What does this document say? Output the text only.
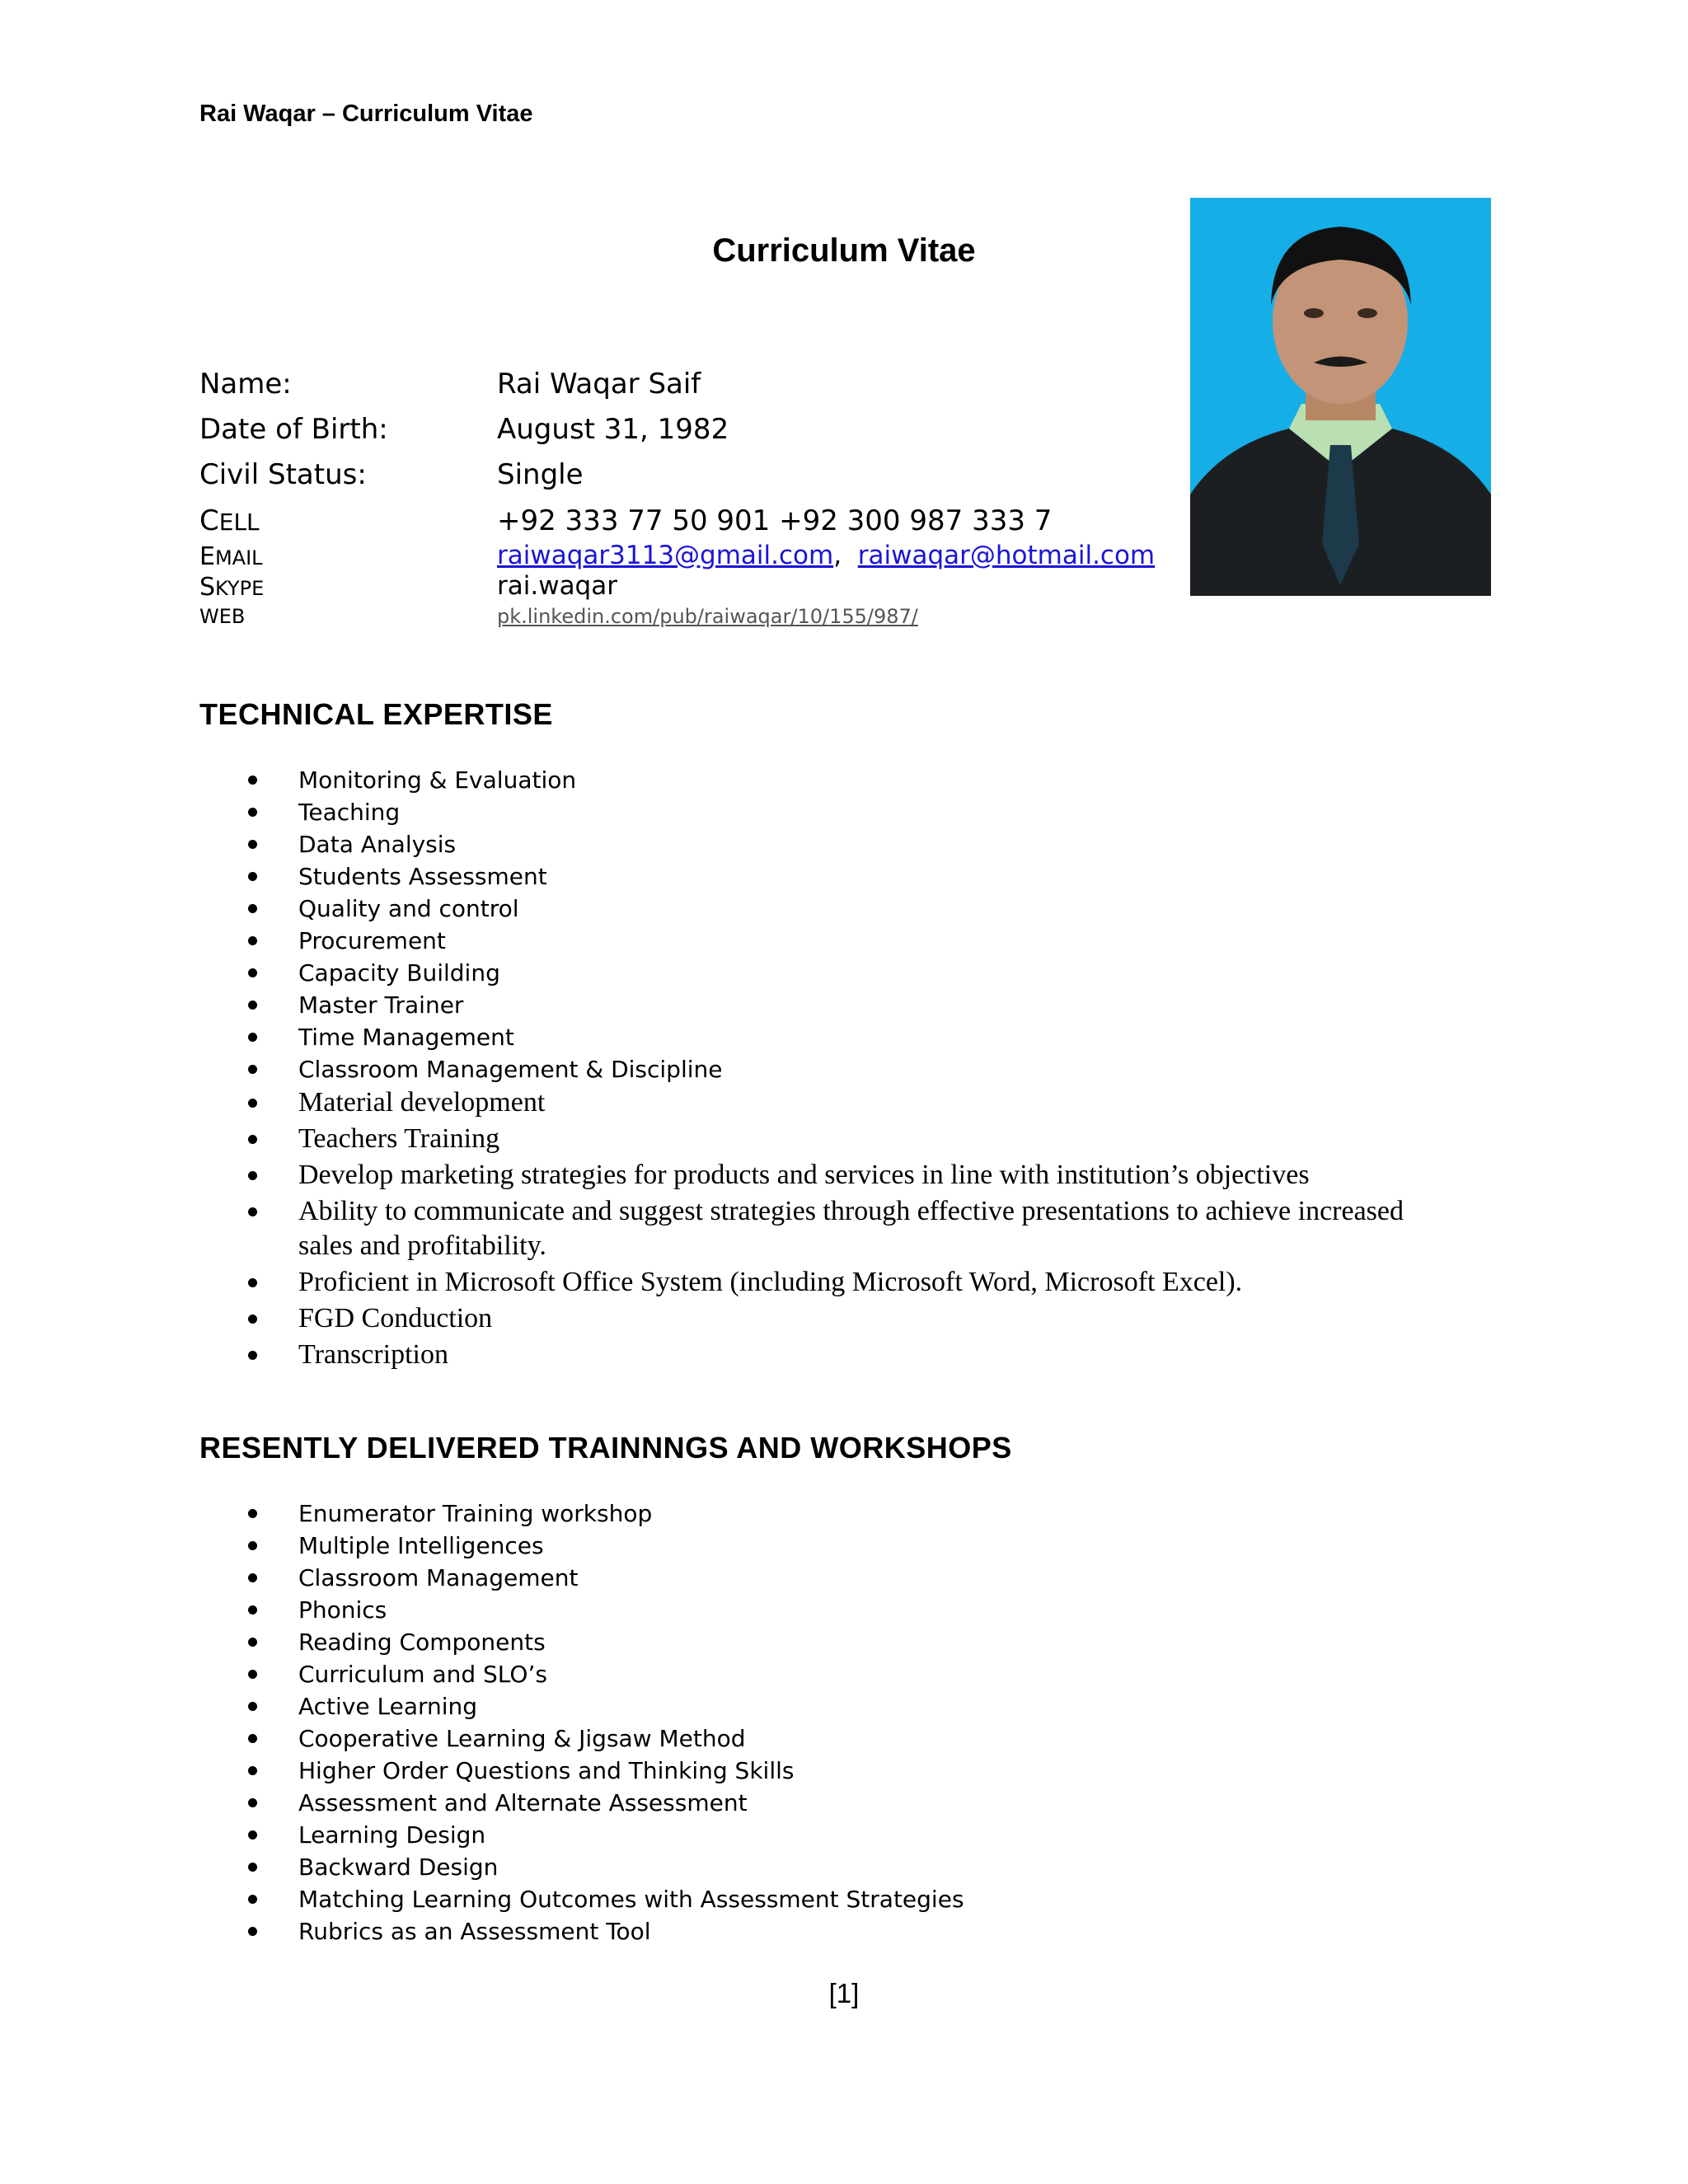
Rai Waqar – Curriculum Vitae
Curriculum Vitae
Name:	Rai Waqar Saif
Date of Birth:	August 31, 1982
Civil Status:	Single
CELL	+92 333 77 50 901 +92 300 987 333 7
EMAIL	raiwaqar3113@gmail.com,  raiwaqar@hotmail.com
SKYPE	rai.waqar
WEB	pk.linkedin.com/pub/raiwaqar/10/155/987/
TECHNICAL EXPERTISE
Monitoring & Evaluation
Teaching
Data Analysis
Students Assessment
Quality and control
Procurement
Capacity Building
Master Trainer
Time Management
Classroom Management & Discipline
Material development
Teachers Training
Develop marketing strategies for products and services in line with institution’s objectives
Ability to communicate and suggest strategies through effective presentations to achieve increased sales and profitability.
Proficient in Microsoft Office System (including Microsoft Word, Microsoft Excel).
FGD Conduction
Transcription
RESENTLY DELIVERED TRAINNNGS AND WORKSHOPS
Enumerator Training workshop
Multiple Intelligences
Classroom Management
Phonics
Reading Components
Curriculum and SLO’s
Active Learning
Cooperative Learning & Jigsaw Method
Higher Order Questions and Thinking Skills
Assessment and Alternate Assessment
Learning Design
Backward Design
Matching Learning Outcomes with Assessment Strategies
Rubrics as an Assessment Tool
[1]
